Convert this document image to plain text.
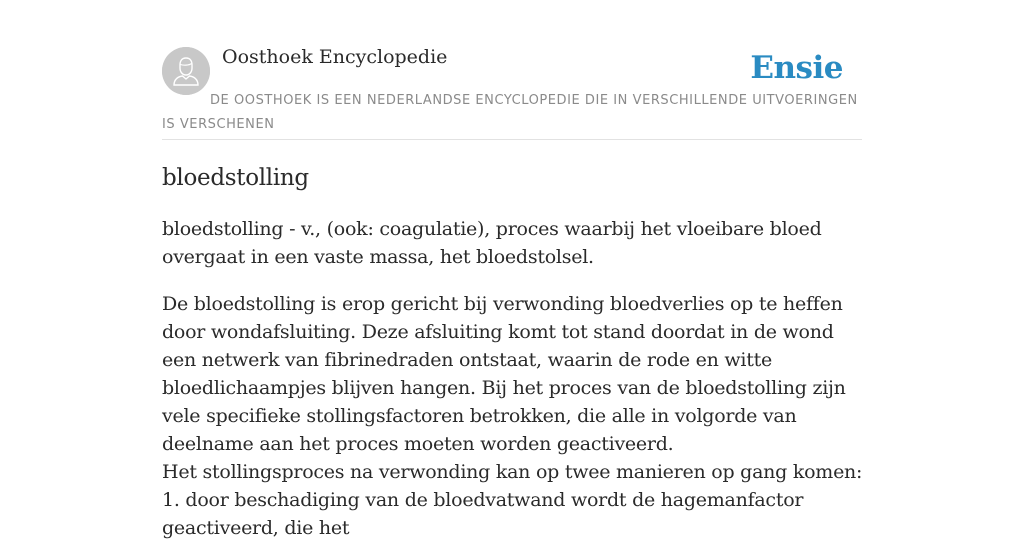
Oosthoek Encyclopedie	Ensie
DE OOSTHOEK IS EEN NEDERLANDSE ENCYCLOPEDIE DIE IN VERSCHILLENDE UITVOERINGEN IS VERSCHENEN
bloedstolling

bloedstolling - v., (ook: coagulatie), proces waarbij het vloeibare bloed overgaat in een vaste massa, het bloedstolsel.

De bloedstolling is erop gericht bij verwonding bloedverlies op te heffen door wondafsluiting. Deze afsluiting komt tot stand doordat in de wond een netwerk van fibrinedraden ontstaat, waarin de rode en witte bloedlichaampjes blijven hangen. Bij het proces van de bloedstolling zijn vele specifieke stollingsfactoren betrokken, die alle in volgorde van deelname aan het proces moeten worden geactiveerd.

Het stollingsproces na verwonding kan op twee manieren op gang komen: 1. door beschadiging van de bloedvatwand wordt de hagemanfactor geactiveerd, die het
